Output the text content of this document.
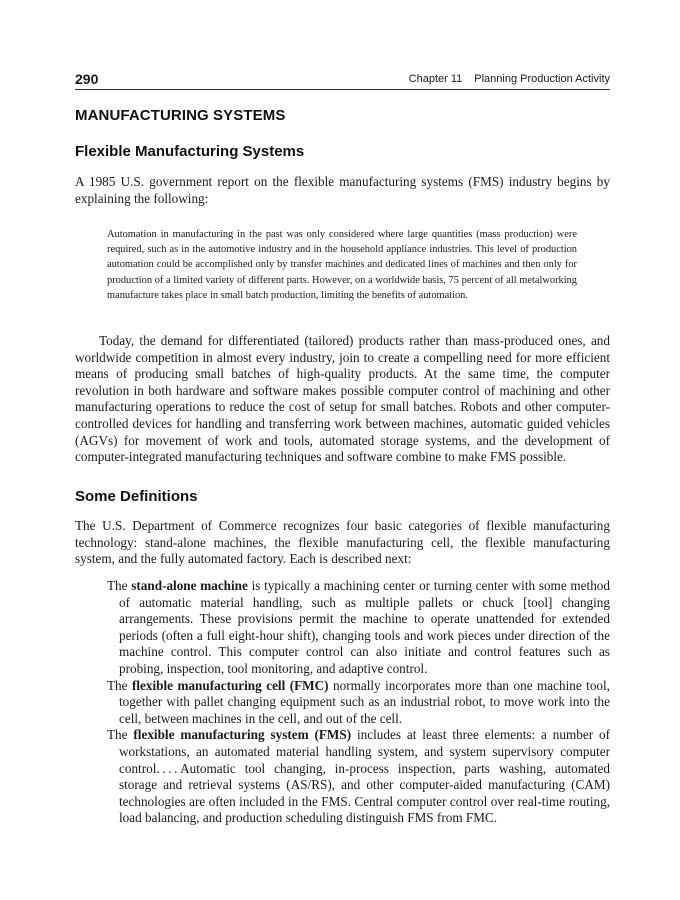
290	Chapter 11 Planning Production Activity
MANUFACTURING SYSTEMS
Flexible Manufacturing Systems

A 1985 U.S. government report on the flexible manufacturing systems (FMS) industry begins by explaining the following:

Automation in manufacturing in the past was only considered where large quantities (mass production) were required, such as in the automotive industry and in the household appliance industries. This level of production automation could be accomplished only by transfer machines and dedicated lines of machines and then only for production of a limited variety of different parts. However, on a worldwide basis, 75 percent of all metalworking manufacture takes place in small batch production, limiting the benefits of automation.

Today, the demand for differentiated (tailored) products rather than mass-produced ones, and worldwide competition in almost every industry, join to create a compelling need for more efficient means of producing small batches of high-quality products. At the same time, the computer revolution in both hardware and software makes possible computer control of machining and other manufacturing operations to reduce the cost of setup for small batches. Robots and other computer-controlled devices for handling and transferring work between machines, automatic guided vehicles (AGVs) for movement of work and tools, automated storage systems, and the development of computer-integrated manufacturing techniques and software combine to make FMS possible.

Some Definitions

The U.S. Department of Commerce recognizes four basic categories of flexible manufacturing technology: stand-alone machines, the flexible manufacturing cell, the flexible manufacturing system, and the fully automated factory. Each is described next:

The stand-alone machine is typically a machining center or turning center with some method of automatic material handling, such as multiple pallets or chuck [tool] changing arrangements. These provisions permit the machine to operate unattended for extended periods (often a full eight-hour shift), changing tools and work pieces under direction of the machine control. This computer control can also initiate and control features such as probing, inspection, tool monitoring, and adaptive control.

The flexible manufacturing cell (FMC) normally incorporates more than one machine tool, together with pallet changing equipment such as an industrial robot, to move work into the cell, between machines in the cell, and out of the cell.

The flexible manufacturing system (FMS) includes at least three elements: a number of workstations, an automated material handling system, and system supervisory computer control. . . . Automatic tool changing, in-process inspection, parts washing, automated storage and retrieval systems (AS/RS), and other computer-aided manufacturing (CAM) technologies are often included in the FMS. Central computer control over real-time routing, load balancing, and production scheduling distinguish FMS from FMC.
